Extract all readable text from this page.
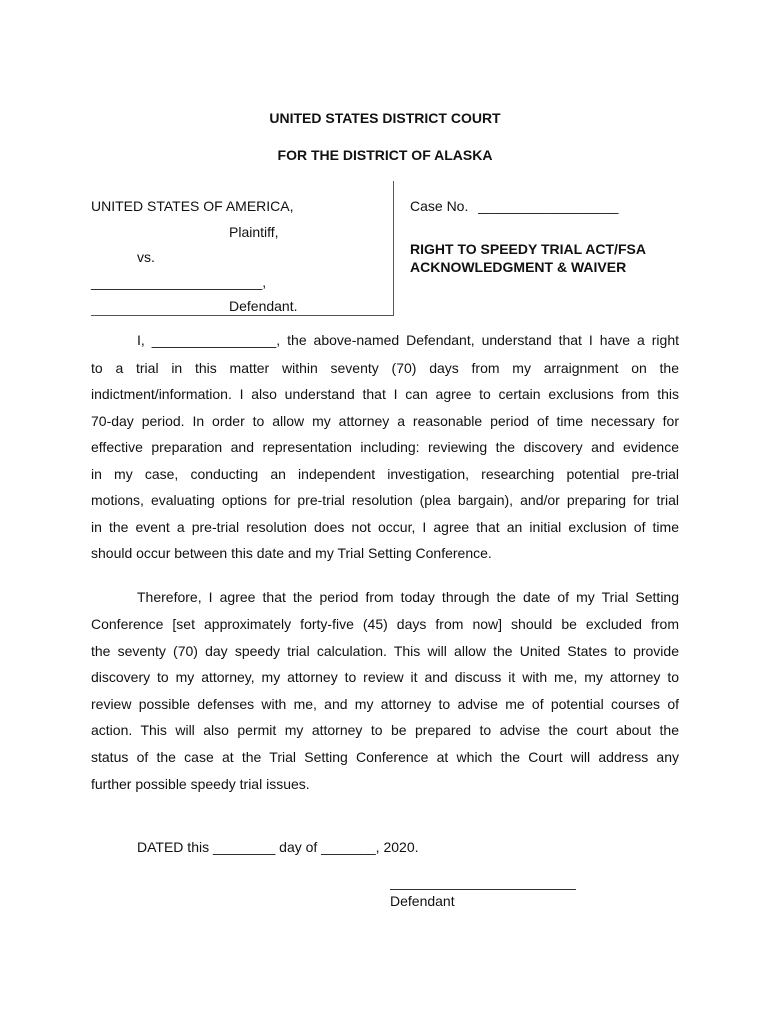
UNITED STATES DISTRICT COURT
FOR THE DISTRICT OF ALASKA
UNITED STATES OF AMERICA,
Plaintiff,
vs.
______________________,
Defendant.
Case No. __________________
RIGHT TO SPEEDY TRIAL ACT/FSA
ACKNOWLEDGMENT & WAIVER
I, ________________, the above-named Defendant, understand that I have a right
to a trial in this matter within seventy (70) days from my arraignment on the
indictment/information. I also understand that I can agree to certain exclusions from this
70-day period. In order to allow my attorney a reasonable period of time necessary for
effective preparation and representation including: reviewing the discovery and evidence
in my case, conducting an independent investigation, researching potential pre-trial
motions, evaluating options for pre-trial resolution (plea bargain), and/or preparing for trial
in the event a pre-trial resolution does not occur, I agree that an initial exclusion of time
should occur between this date and my Trial Setting Conference.
Therefore, I agree that the period from today through the date of my Trial Setting
Conference [set approximately forty-five (45) days from now] should be excluded from
the seventy (70) day speedy trial calculation. This will allow the United States to provide
discovery to my attorney, my attorney to review it and discuss it with me, my attorney to
review possible defenses with me, and my attorney to advise me of potential courses of
action. This will also permit my attorney to be prepared to advise the court about the
status of the case at the Trial Setting Conference at which the Court will address any
further possible speedy trial issues.
DATED this ________ day of _______, 2020.
Defendant
